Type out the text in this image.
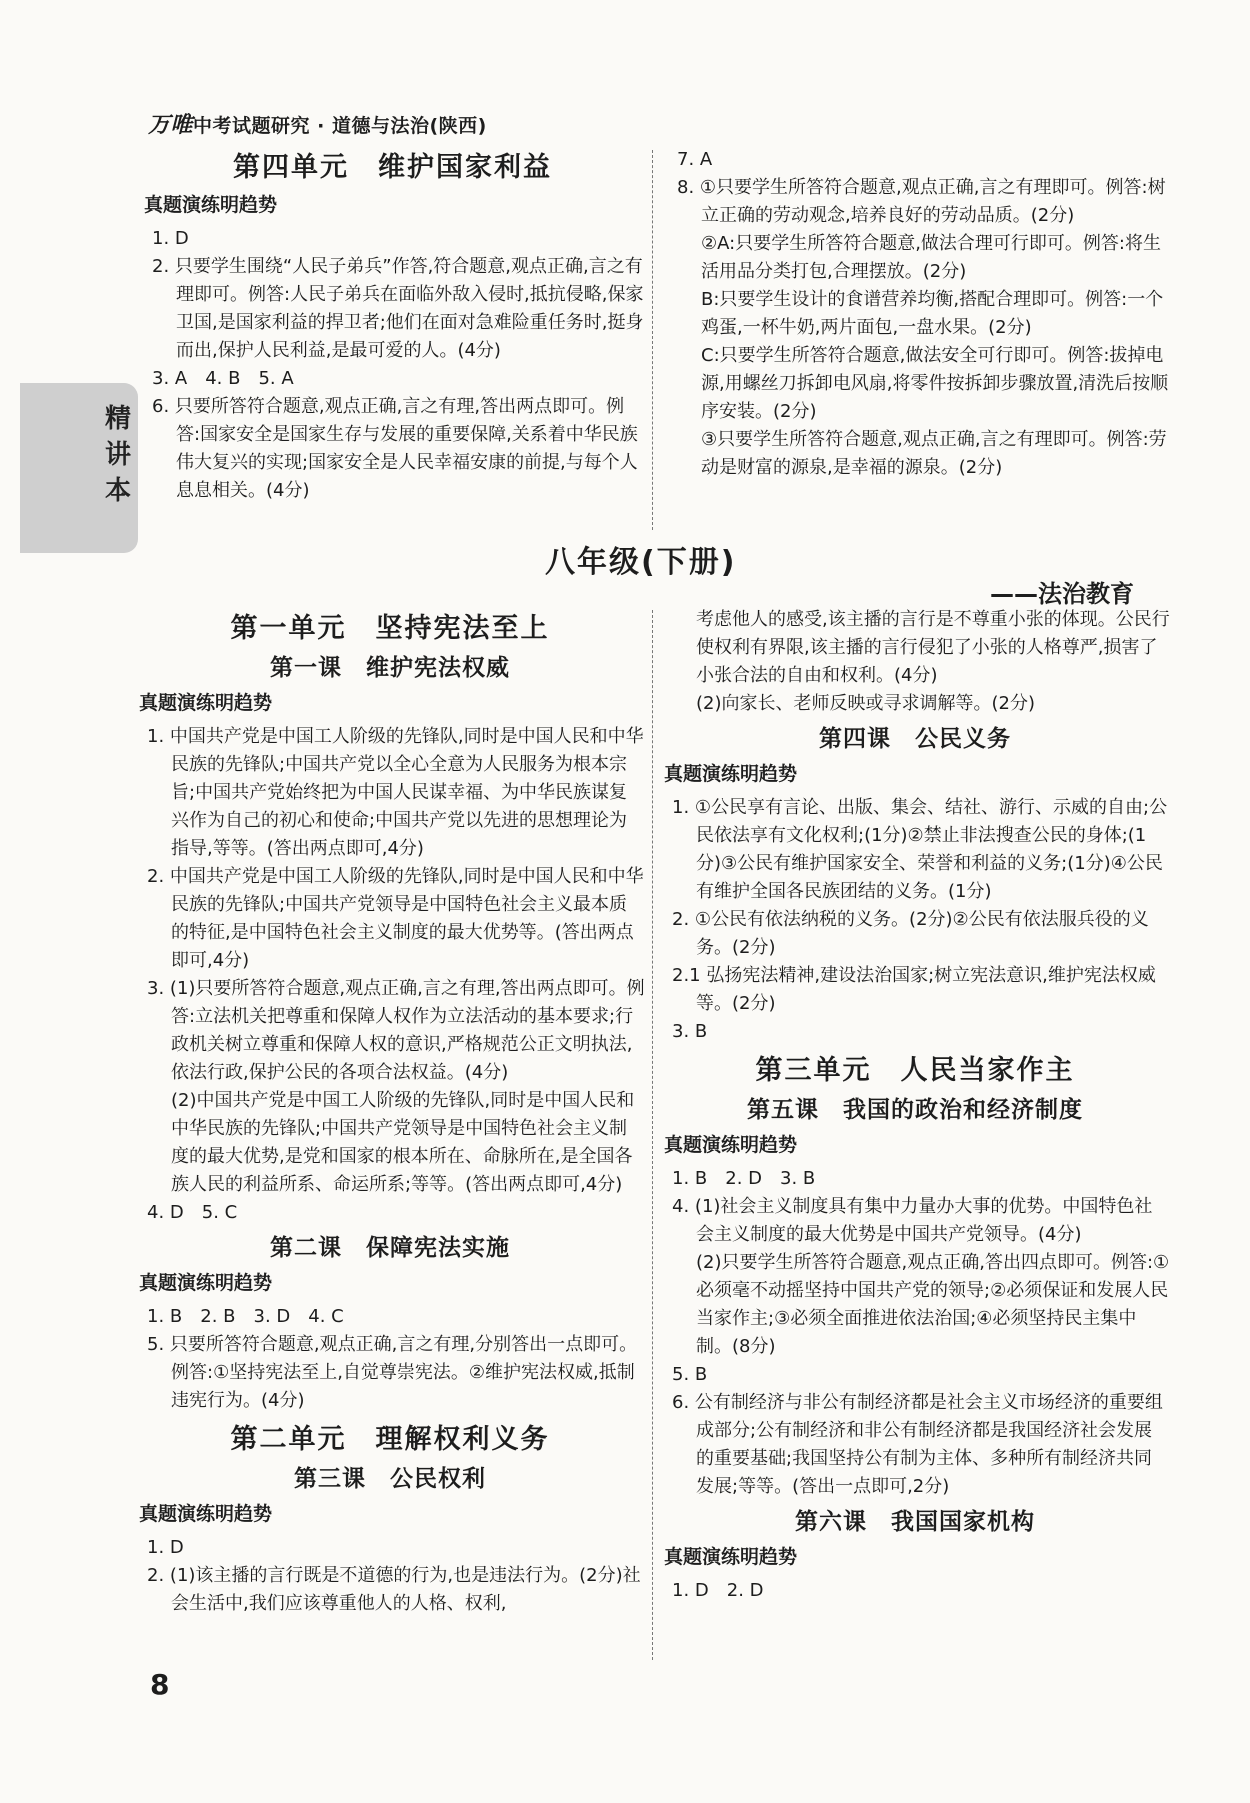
万唯中考试题研究 · 道德与法治(陕西)
精讲本
第四单元　维护国家利益
真题演练明趋势

1. D

2. 只要学生围绕“人民子弟兵”作答,符合题意,观点正确,言之有理即可。例答:人民子弟兵在面临外敌入侵时,抵抗侵略,保家卫国,是国家利益的捍卫者;他们在面对急难险重任务时,挺身而出,保护人民利益,是最可爱的人。(4分)

3. A　4. B　5. A

6. 只要所答符合题意,观点正确,言之有理,答出两点即可。例答:国家安全是国家生存与发展的重要保障,关系着中华民族伟大复兴的实现;国家安全是人民幸福安康的前提,与每个人息息相关。(4分)

7. A

8. ①只要学生所答符合题意,观点正确,言之有理即可。例答:树立正确的劳动观念,培养良好的劳动品质。(2分)

②A:只要学生所答符合题意,做法合理可行即可。例答:将生活用品分类打包,合理摆放。(2分)

B:只要学生设计的食谱营养均衡,搭配合理即可。例答:一个鸡蛋,一杯牛奶,两片面包,一盘水果。(2分)

C:只要学生所答符合题意,做法安全可行即可。例答:拔掉电源,用螺丝刀拆卸电风扇,将零件按拆卸步骤放置,清洗后按顺序安装。(2分)

③只要学生所答符合题意,观点正确,言之有理即可。例答:劳动是财富的源泉,是幸福的源泉。(2分)

八年级(下册)
——法治教育
第一单元　坚持宪法至上
第一课　维护宪法权威
真题演练明趋势

1. 中国共产党是中国工人阶级的先锋队,同时是中国人民和中华民族的先锋队;中国共产党以全心全意为人民服务为根本宗旨;中国共产党始终把为中国人民谋幸福、为中华民族谋复兴作为自己的初心和使命;中国共产党以先进的思想理论为指导,等等。(答出两点即可,4分)

2. 中国共产党是中国工人阶级的先锋队,同时是中国人民和中华民族的先锋队;中国共产党领导是中国特色社会主义最本质的特征,是中国特色社会主义制度的最大优势等。(答出两点即可,4分)

3. (1)只要所答符合题意,观点正确,言之有理,答出两点即可。例答:立法机关把尊重和保障人权作为立法活动的基本要求;行政机关树立尊重和保障人权的意识,严格规范公正文明执法,依法行政,保护公民的各项合法权益。(4分)

(2)中国共产党是中国工人阶级的先锋队,同时是中国人民和中华民族的先锋队;中国共产党领导是中国特色社会主义制度的最大优势,是党和国家的根本所在、命脉所在,是全国各族人民的利益所系、命运所系;等等。(答出两点即可,4分)

4. D　5. C

第二课　保障宪法实施
真题演练明趋势

1. B　2. B　3. D　4. C

5. 只要所答符合题意,观点正确,言之有理,分别答出一点即可。例答:①坚持宪法至上,自觉尊崇宪法。②维护宪法权威,抵制违宪行为。(4分)

第二单元　理解权利义务
第三课　公民权利
真题演练明趋势

1. D

2. (1)该主播的言行既是不道德的行为,也是违法行为。(2分)社会生活中,我们应该尊重他人的人格、权利,

考虑他人的感受,该主播的言行是不尊重小张的体现。公民行使权利有界限,该主播的言行侵犯了小张的人格尊严,损害了小张合法的自由和权利。(4分)

(2)向家长、老师反映或寻求调解等。(2分)

第四课　公民义务
真题演练明趋势

1. ①公民享有言论、出版、集会、结社、游行、示威的自由;公民依法享有文化权利;(1分)②禁止非法搜查公民的身体;(1分)③公民有维护国家安全、荣誉和利益的义务;(1分)④公民有维护全国各民族团结的义务。(1分)

2. ①公民有依法纳税的义务。(2分)②公民有依法服兵役的义务。(2分)

2.1 弘扬宪法精神,建设法治国家;树立宪法意识,维护宪法权威等。(2分)

3. B

第三单元　人民当家作主
第五课　我国的政治和经济制度
真题演练明趋势

1. B　2. D　3. B

4. (1)社会主义制度具有集中力量办大事的优势。中国特色社会主义制度的最大优势是中国共产党领导。(4分)

(2)只要学生所答符合题意,观点正确,答出四点即可。例答:①必须毫不动摇坚持中国共产党的领导;②必须保证和发展人民当家作主;③必须全面推进依法治国;④必须坚持民主集中制。(8分)

5. B

6. 公有制经济与非公有制经济都是社会主义市场经济的重要组成部分;公有制经济和非公有制经济都是我国经济社会发展的重要基础;我国坚持公有制为主体、多种所有制经济共同发展;等等。(答出一点即可,2分)

第六课　我国国家机构
真题演练明趋势

1. D　2. D

8
